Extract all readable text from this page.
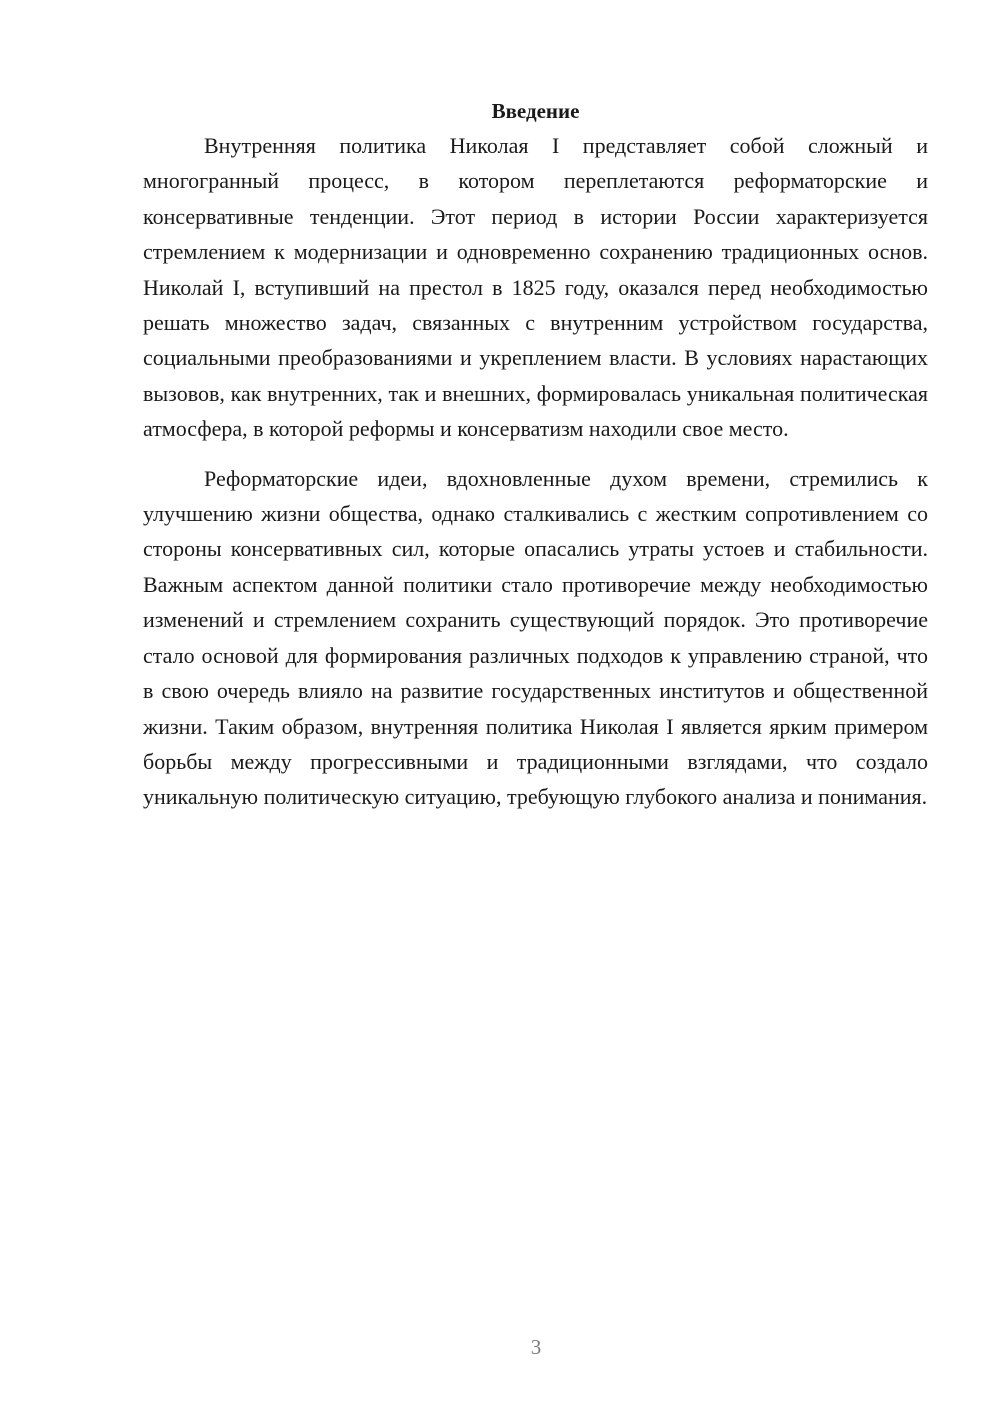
Введение

Внутренняя политика Николая I представляет собой сложный и многогранный процесс, в котором переплетаются реформаторские и консервативные тенденции. Этот период в истории России характеризуется стремлением к модернизации и одновременно сохранению традиционных основ. Николай I, вступивший на престол в 1825 году, оказался перед необходимостью решать множество задач, связанных с внутренним устройством государства, социальными преобразованиями и укреплением власти. В условиях нарастающих вызовов, как внутренних, так и внешних, формировалась уникальная политическая атмосфера, в которой реформы и консерватизм находили свое место.

Реформаторские идеи, вдохновленные духом времени, стремились к улучшению жизни общества, однако сталкивались с жестким сопротивлением со стороны консервативных сил, которые опасались утраты устоев и стабильности. Важным аспектом данной политики стало противоречие между необходимостью изменений и стремлением сохранить существующий порядок. Это противоречие стало основой для формирования различных подходов к управлению страной, что в свою очередь влияло на развитие государственных институтов и общественной жизни. Таким образом, внутренняя политика Николая I является ярким примером борьбы между прогрессивными и традиционными взглядами, что создало уникальную политическую ситуацию, требующую глубокого анализа и понимания.

3
